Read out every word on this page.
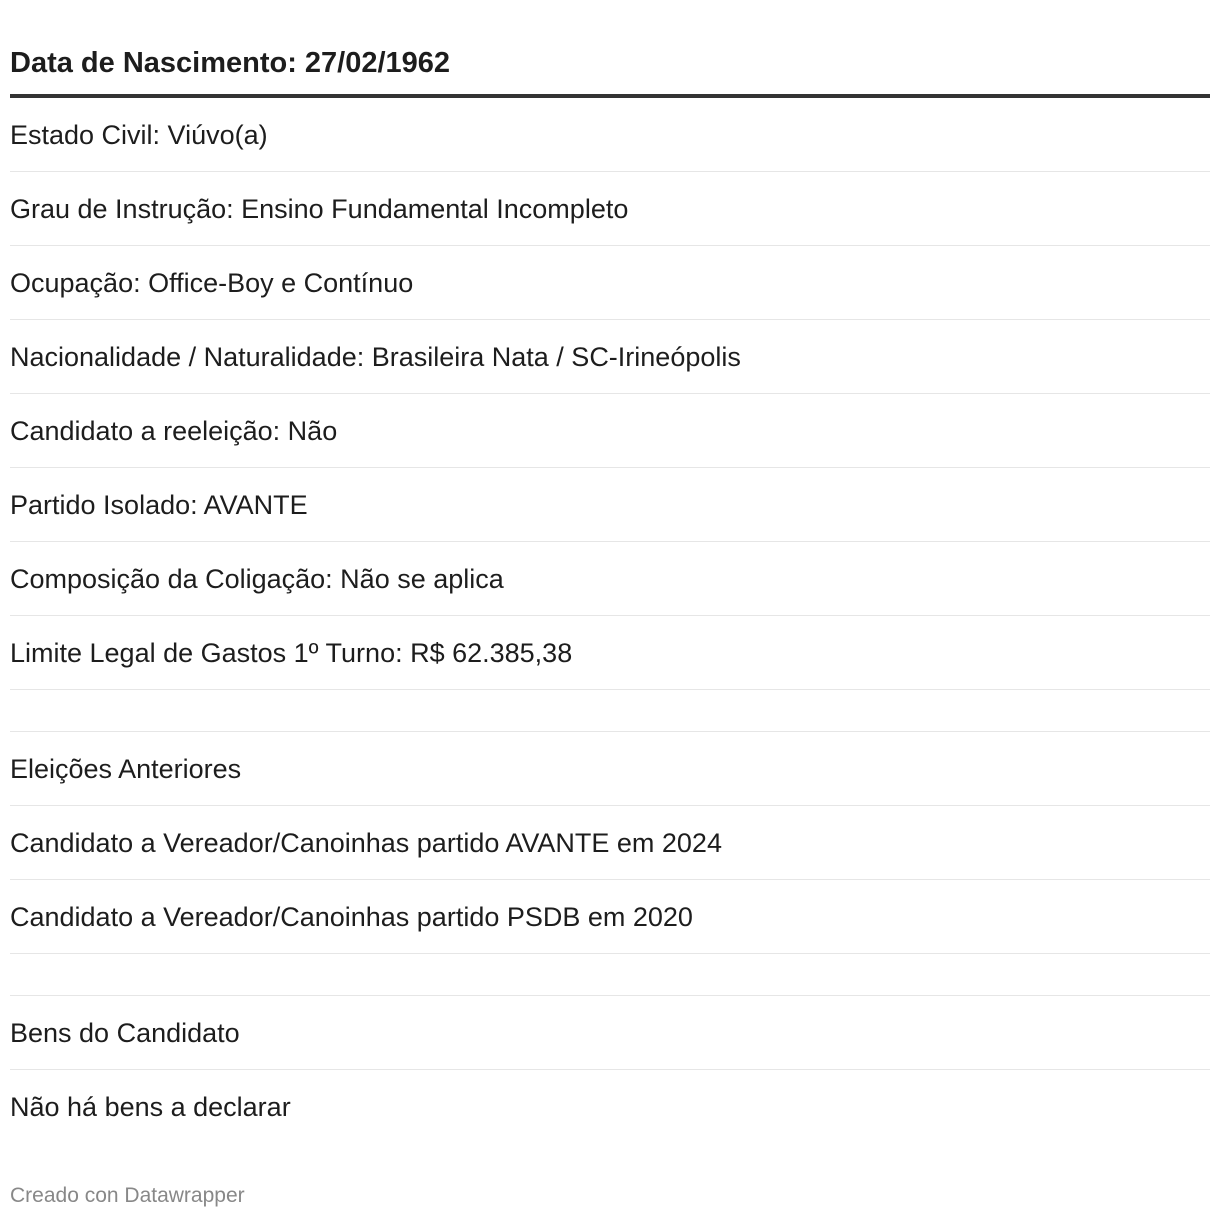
Data de Nascimento: 27/02/1962
Estado Civil: Viúvo(a)
Grau de Instrução: Ensino Fundamental Incompleto
Ocupação: Office-Boy e Contínuo
Nacionalidade / Naturalidade: Brasileira Nata / SC-Irineópolis
Candidato a reeleição: Não
Partido Isolado: AVANTE
Composição da Coligação: Não se aplica
Limite Legal de Gastos 1º Turno: R$ 62.385,38
Eleições Anteriores
Candidato a Vereador/Canoinhas partido AVANTE em 2024
Candidato a Vereador/Canoinhas partido PSDB em 2020
Bens do Candidato
Não há bens a declarar
Creado con Datawrapper
